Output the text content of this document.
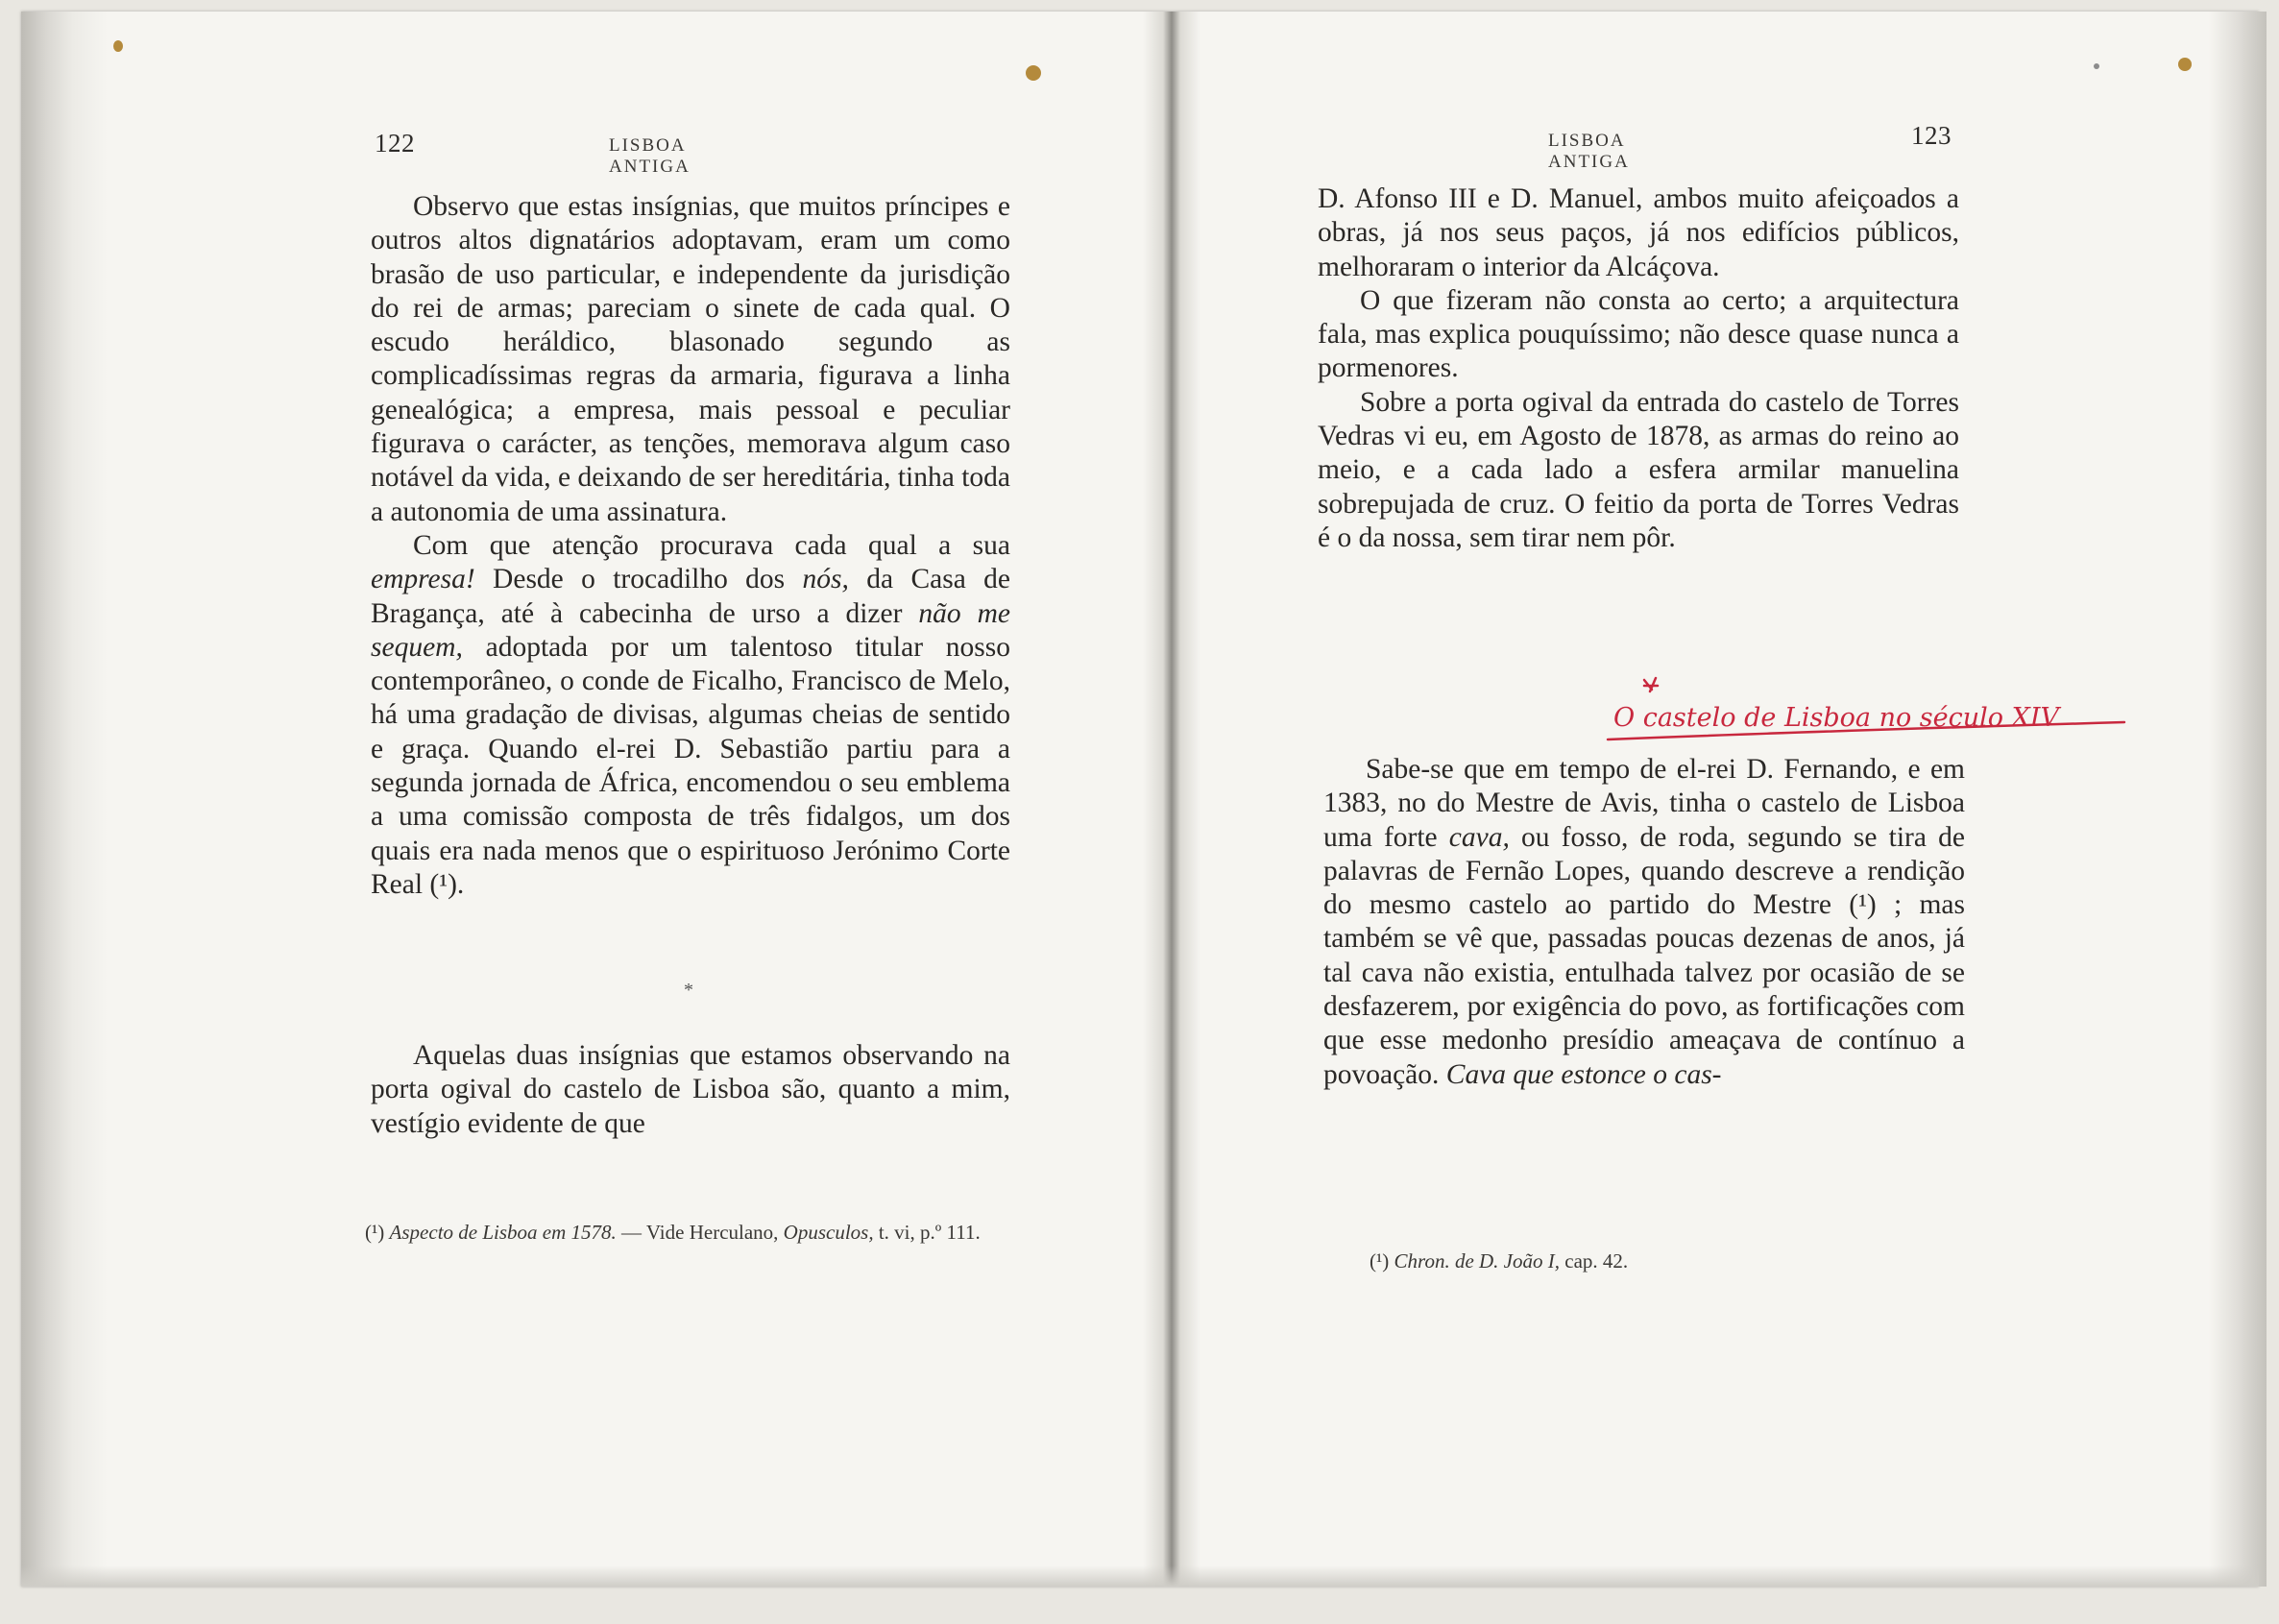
122	LISBOA ANTIGA

Observo que estas insígnias, que muitos príncipes e outros altos dignatários adoptavam, eram um como brasão de uso particular, e independente da jurisdição do rei de armas; pareciam o sinete de cada qual. O escudo heráldico, blasonado segundo as complicadíssimas regras da armaria, figurava a linha genealógica; a empresa, mais pessoal e peculiar figurava o carácter, as tenções, memorava algum caso notável da vida, e deixando de ser hereditária, tinha toda a autonomia de uma assinatura.

Com que atenção procurava cada qual a sua empresa! Desde o trocadilho dos nós, da Casa de Bragança, até à cabecinha de urso a dizer não me sequem, adoptada por um talentoso titular nosso contemporâneo, o conde de Ficalho, Francisco de Melo, há uma gradação de divisas, algumas cheias de sentido e graça. Quando el-rei D. Sebastião partiu para a segunda jornada de África, encomendou o seu emblema a uma comissão composta de três fidalgos, um dos quais era nada menos que o espirituoso Jerónimo Corte Real (¹).

*

Aquelas duas insígnias que estamos observando na porta ogival do castelo de Lisboa são, quanto a mim, vestígio evidente de que

(¹) Aspecto de Lisboa em 1578. — Vide Herculano, Opusculos, t. vi, p.º 111.
LISBOA ANTIGA
123

D. Afonso III e D. Manuel, ambos muito afeiçoados a obras, já nos seus paços, já nos edifícios públicos, melhoraram o interior da Alcáçova.

O que fizeram não consta ao certo; a arquitectura fala, mas explica pouquíssimo; não desce quase nunca a pormenores.

Sobre a porta ogival da entrada do castelo de Torres Vedras vi eu, em Agosto de 1878, as armas do reino ao meio, e a cada lado a esfera armilar manuelina sobrepujada de cruz. O feitio da porta de Torres Vedras é o da nossa, sem tirar nem pôr.

O castelo de Lisboa no século XIV

Sabe-se que em tempo de el-rei D. Fernando, e em 1383, no do Mestre de Avis, tinha o castelo de Lisboa uma forte cava, ou fosso, de roda, segundo se tira de palavras de Fernão Lopes, quando descreve a rendição do mesmo castelo ao partido do Mestre (¹) ; mas também se vê que, passadas poucas dezenas de anos, já tal cava não existia, entulhada talvez por ocasião de se desfazerem, por exigência do povo, as fortificações com que esse medonho presídio ameaçava de contínuo a povoação. Cava que estonce o cas-

(¹) Chron. de D. João I, cap. 42.
